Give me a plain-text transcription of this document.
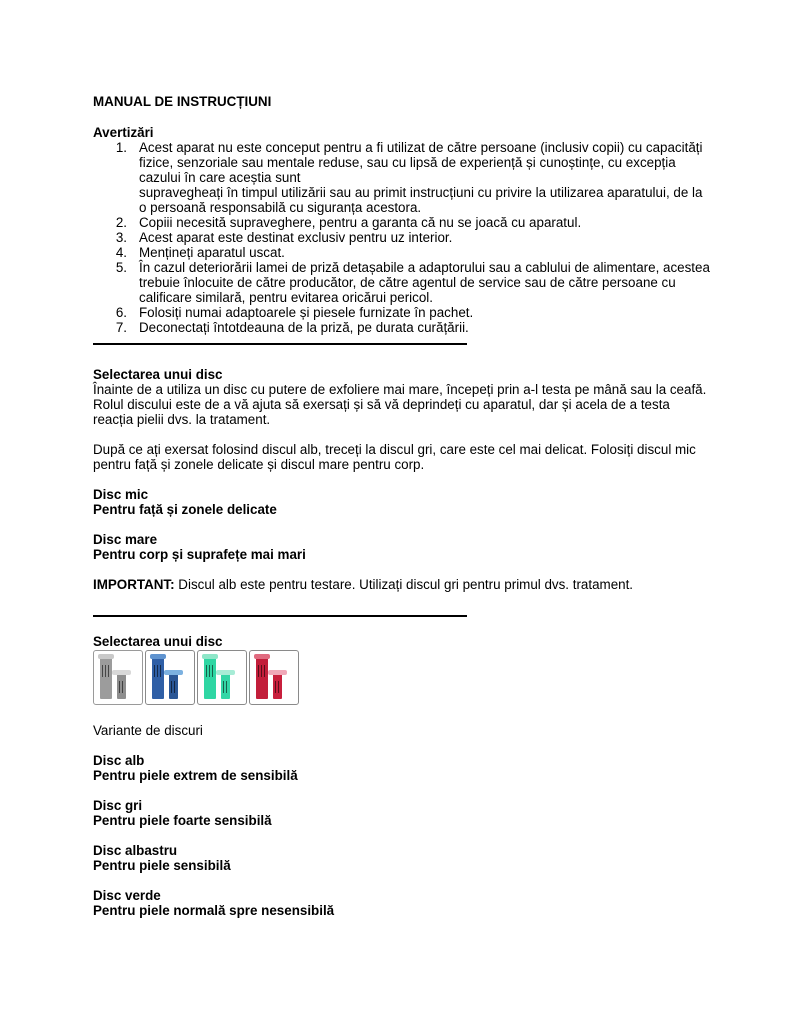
MANUAL DE INSTRUCȚIUNI
Avertizări
1. Acest aparat nu este conceput pentru a fi utilizat de către persoane (inclusiv copii) cu capacități fizice, senzoriale sau mentale reduse, sau cu lipsă de experiență și cunoștințe, cu excepția cazului în care aceștia sunt
supravegheați în timpul utilizării sau au primit instrucțiuni cu privire la utilizarea aparatului, de la o persoană responsabilă cu siguranța acestora.
2. Copiii necesită supraveghere, pentru a garanta că nu se joacă cu aparatul.
3. Acest aparat este destinat exclusiv pentru uz interior.
4. Mențineți aparatul uscat.
5. În cazul deteriorării lamei de priză detașabile a adaptorului sau a cablului de alimentare, acestea trebuie înlocuite de către producător, de către agentul de service sau de către persoane cu calificare similară, pentru evitarea oricărui pericol.
6. Folosiți numai adaptoarele și piesele furnizate în pachet.
7. Deconectați întotdeauna de la priză, pe durata curățării.
Selectarea unui disc

Înainte de a utiliza un disc cu putere de exfoliere mai mare, începeți prin a-l testa pe mână sau la ceafă. Rolul discului este de a vă ajuta să exersați și să vă deprindeți cu aparatul, dar și acela de a testa reacția pielii dvs. la tratament.

După ce ați exersat folosind discul alb, treceți la discul gri, care este cel mai delicat. Folosiți discul mic pentru față și zonele delicate și discul mare pentru corp.

Disc mic
Pentru față și zonele delicate
Disc mare
Pentru corp și suprafețe mai mari

IMPORTANT: Discul alb este pentru testare. Utilizați discul gri pentru primul dvs. tratament.

Selectarea unui disc
Variante de discuri
Disc alb
Pentru piele extrem de sensibilă
Disc gri
Pentru piele foarte sensibilă
Disc albastru
Pentru piele sensibilă
Disc verde
Pentru piele normală spre nesensibilă
